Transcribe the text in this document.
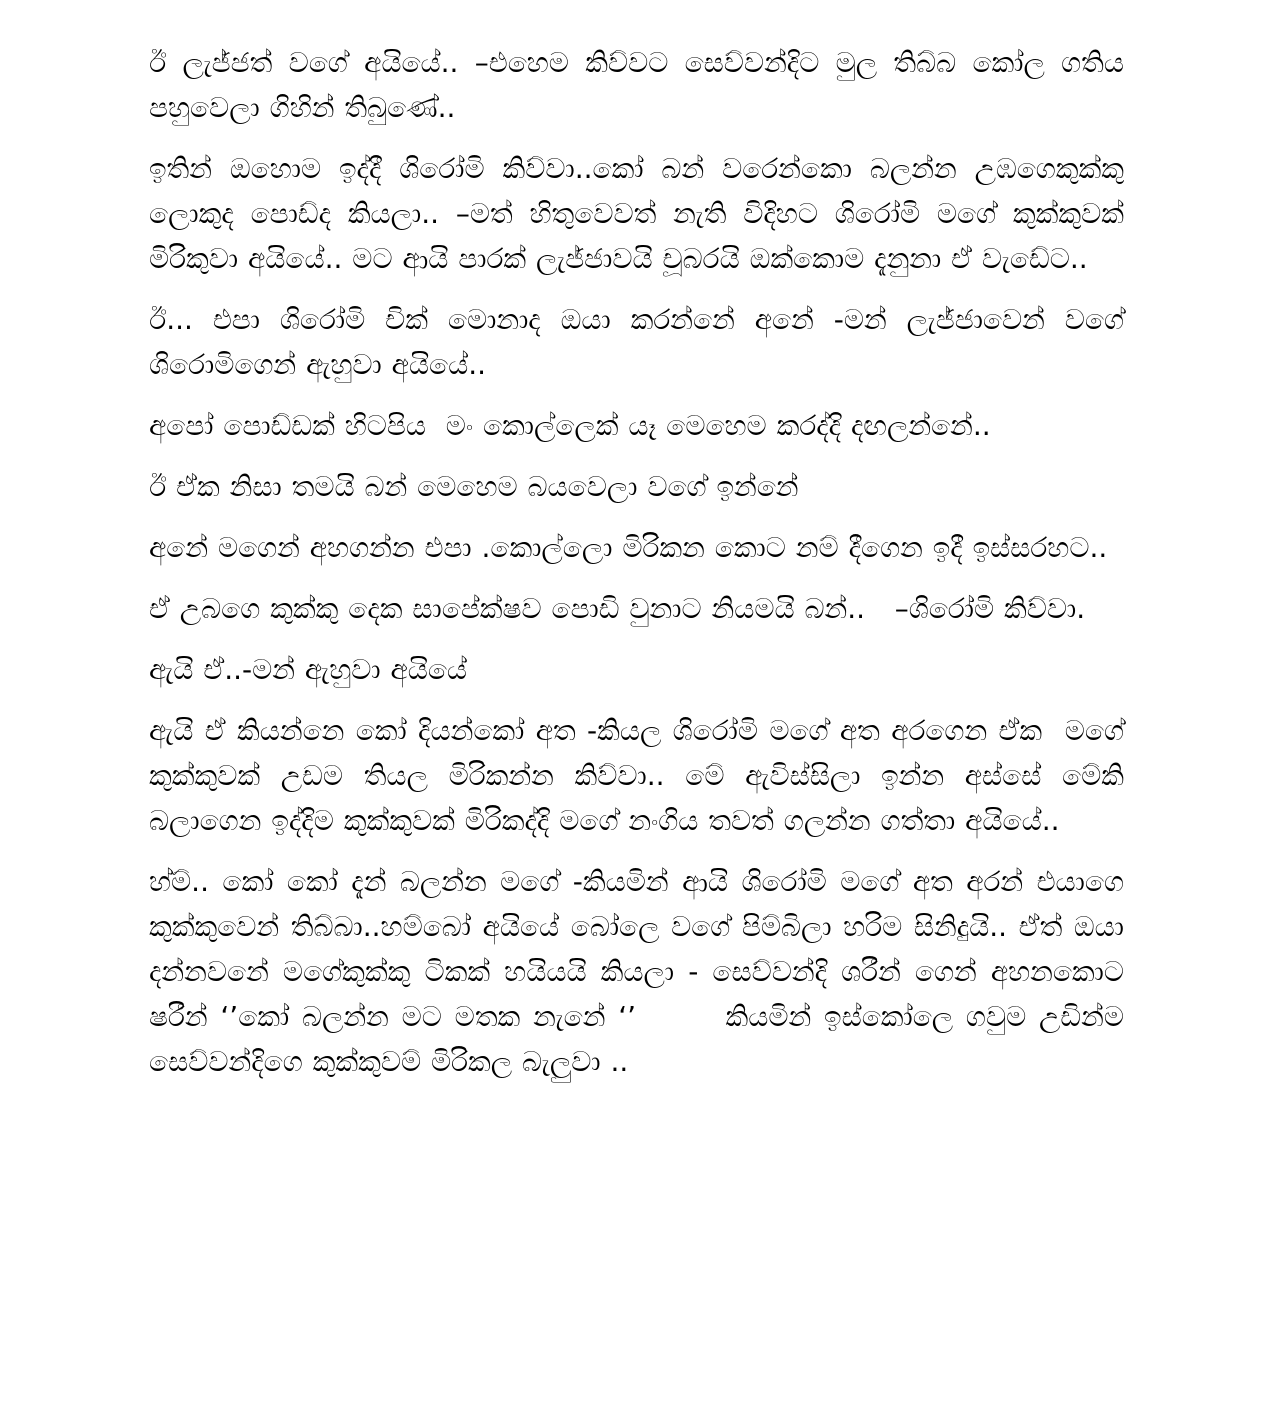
ඊ ලැජ්ජත් වගේ අයියේ.. –එහෙම කිව්වට සෙව්වන්දිට මුල තිබ්බ කෝල ගතිය පහුවෙලා ගිහින් තිබුණේ..

ඉතින් ඔහොම ඉද්දී ශිරෝමි කිව්වා..කෝ බන් වරෙන්කො බලන්න උඹගෙකුක්කු ලොකුද පොඩ්ද කියලා.. –මත් හිතුවෙවත් නැති විදිහට ශිරෝමි මගේ කුක්කුවක් මිරිකුවා අයියේ.. මට ආයි පාරක් ලැජ්ජාවයි චූබරයි ඔක්කොම දැනුනා ඒ වැඩේට..

ඊ... එපා ශිරෝමි චික් මොනාද ඔයා කරන්නේ අනේ -මන් ලැජ්ජාවෙන් වගේ ශිරොමිගෙන් ඇහුවා අයියේ..

අපෝ පොඩ්ඩක් හිටපිය  මං කොල්ලෙක් යෑ මෙහෙම කරද්දි දඟලන්නේ..

ඊ ඒක නිසා තමයි බන් මෙහෙම බයවෙලා වගේ ඉන්නේ

අනේ මගෙන් අහගන්න එපා .කොල්ලො මිරිකන කොට නම් දීගෙන ඉදී ඉස්සරහට..

ඒ උබගෙ කුක්කු දෙක සාපේක්ෂව පොඩි වුනාට නියමයි බන්..   –ශිරෝමි කිව්වා.

ඇයි ඒ..-මන් ඇහුවා අයියේ

ඇයි ඒ කියන්නෙ කෝ දියන්කෝ අත -කියල ශිරෝමි මගේ අත අරගෙන ඒක  මගේ කුක්කුවක් උඩම තියල මිරිකන්න කිව්වා.. මේ ඇවිස්සිලා ඉන්න අස්සේ මේකි බලාගෙන ඉද්දිම කුක්කුවක් මිරිකද්දි මගේ නංගිය තවත් ගලන්න ගත්තා අයියේ..

හ්ම්.. කෝ කෝ දැන් බලන්න මගේ -කියමින් ආයි ශිරෝමි මගේ අත අරන් එයාගෙ කුක්කුවෙන් තිබ්බා..හම්බෝ අයියේ බෝලෙ වගේ පිම්බිලා හරිම සිනිදුයි.. ඒත් ඔයා දන්නවනේ මගේකුක්කු ටිකක් හයියයි කියලා - සෙව්වන්දි ශරීන් ගෙන් අහනකොට ෂරීන් ‘’කෝ බලන්න මට මතක නැනේ ‘’       කියමින් ඉස්කෝලෙ ගවුම උඩින්ම සෙව්වන්දිගෙ කුක්කුවම් මිරිකල බැලුවා ..
